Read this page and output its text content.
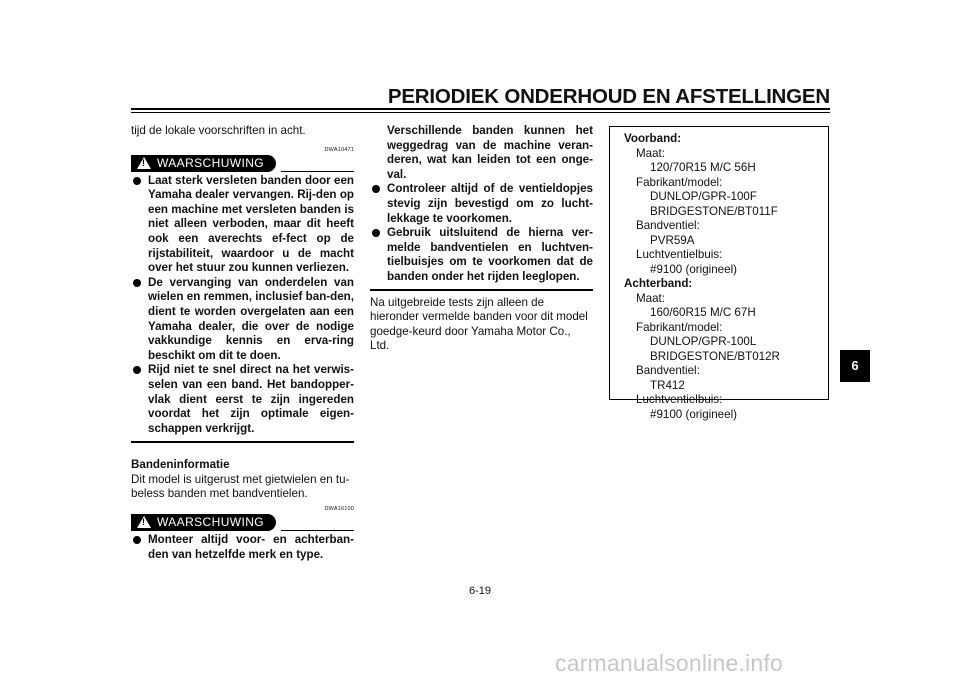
PERIODIEK ONDERHOUD EN AFSTELLINGEN

tijd de lokale voorschriften in acht.

DWA10471
!
WAARSCHUWING
Laat sterk versleten banden door een Yamaha dealer vervangen. Rij-den op een machine met versleten banden is niet alleen verboden, maar dit heeft ook een averechts ef-fect op de rijstabiliteit, waardoor u de macht over het stuur zou kunnen verliezen.
De vervanging van onderdelen van wielen en remmen, inclusief ban-den, dient te worden overgelaten aan een Yamaha dealer, die over de nodige vakkundige kennis en erva-ring beschikt om dit te doen.
Rijd niet te snel direct na het verwis-selen van een band. Het bandopper-vlak dient eerst te zijn ingereden voordat het zijn optimale eigen-schappen verkrijgt.

Bandeninformatie

Dit model is uitgerust met gietwielen en tu-beless banden met bandventielen.

DWA16100
!
WAARSCHUWING
Monteer altijd voor- en achterban-den van hetzelfde merk en type.
Verschillende banden kunnen het weggedrag van de machine veran-deren, wat kan leiden tot een onge-val.
Controleer altijd of de ventieldopjes stevig zijn bevestigd om zo lucht-lekkage te voorkomen.
Gebruik uitsluitend de hierna ver-melde bandventielen en luchtven-tielbuisjes om te voorkomen dat de banden onder het rijden leeglopen.

Na uitgebreide tests zijn alleen de hieronder vermelde banden voor dit model goedge-keurd door Yamaha Motor Co., Ltd.

Voorband:
Maat:
120/70R15 M/C 56H
Fabrikant/model:
DUNLOP/GPR-100F
BRIDGESTONE/BT011F
Bandventiel:
PVR59A
Luchtventielbuis:
#9100 (origineel)
Achterband:
Maat:
160/60R15 M/C 67H
Fabrikant/model:
DUNLOP/GPR-100L
BRIDGESTONE/BT012R
Bandventiel:
TR412
Luchtventielbuis:
#9100 (origineel)
6
6-19
carmanualsonline.info
